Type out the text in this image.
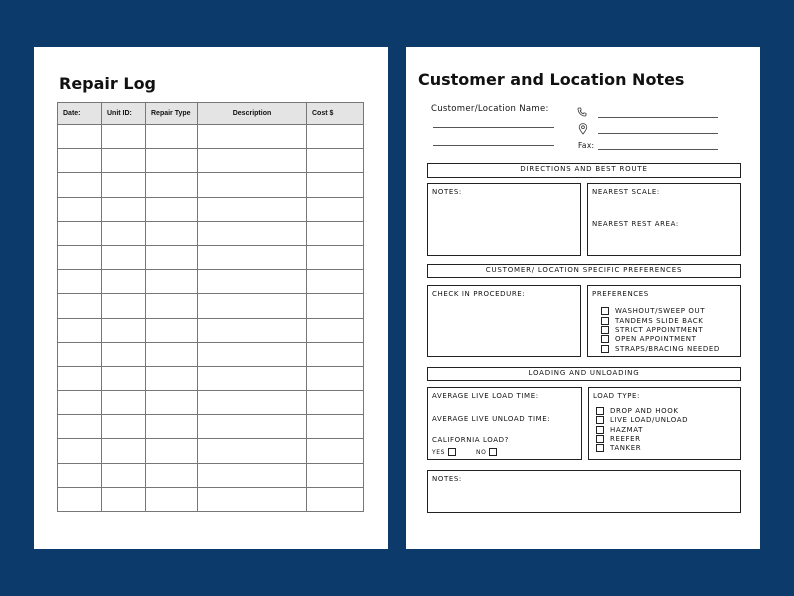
Repair Log
Date:	Unit ID:	Repair Type	Description	Cost $

Customer and Location Notes
Customer/Location Name:
Fax:
DIRECTIONS AND BEST ROUTE
NOTES:	NEAREST SCALE:
NEAREST REST AREA:
CUSTOMER/ LOCATION SPECIFIC PREFERENCES
CHECK IN PROCEDURE:	PREFERENCES
WASHOUT/SWEEP OUT
TANDEMS SLIDE BACK
STRICT APPOINTMENT
OPEN APPOINTMENT
STRAPS/BRACING NEEDED
LOADING AND UNLOADING
AVERAGE LIVE LOAD TIME:
AVERAGE LIVE UNLOAD TIME:
CALIFORNIA LOAD?
YES	NO
LOAD TYPE:
DROP AND HOOK
LIVE LOAD/UNLOAD
HAZMAT
REEFER
TANKER
NOTES:
